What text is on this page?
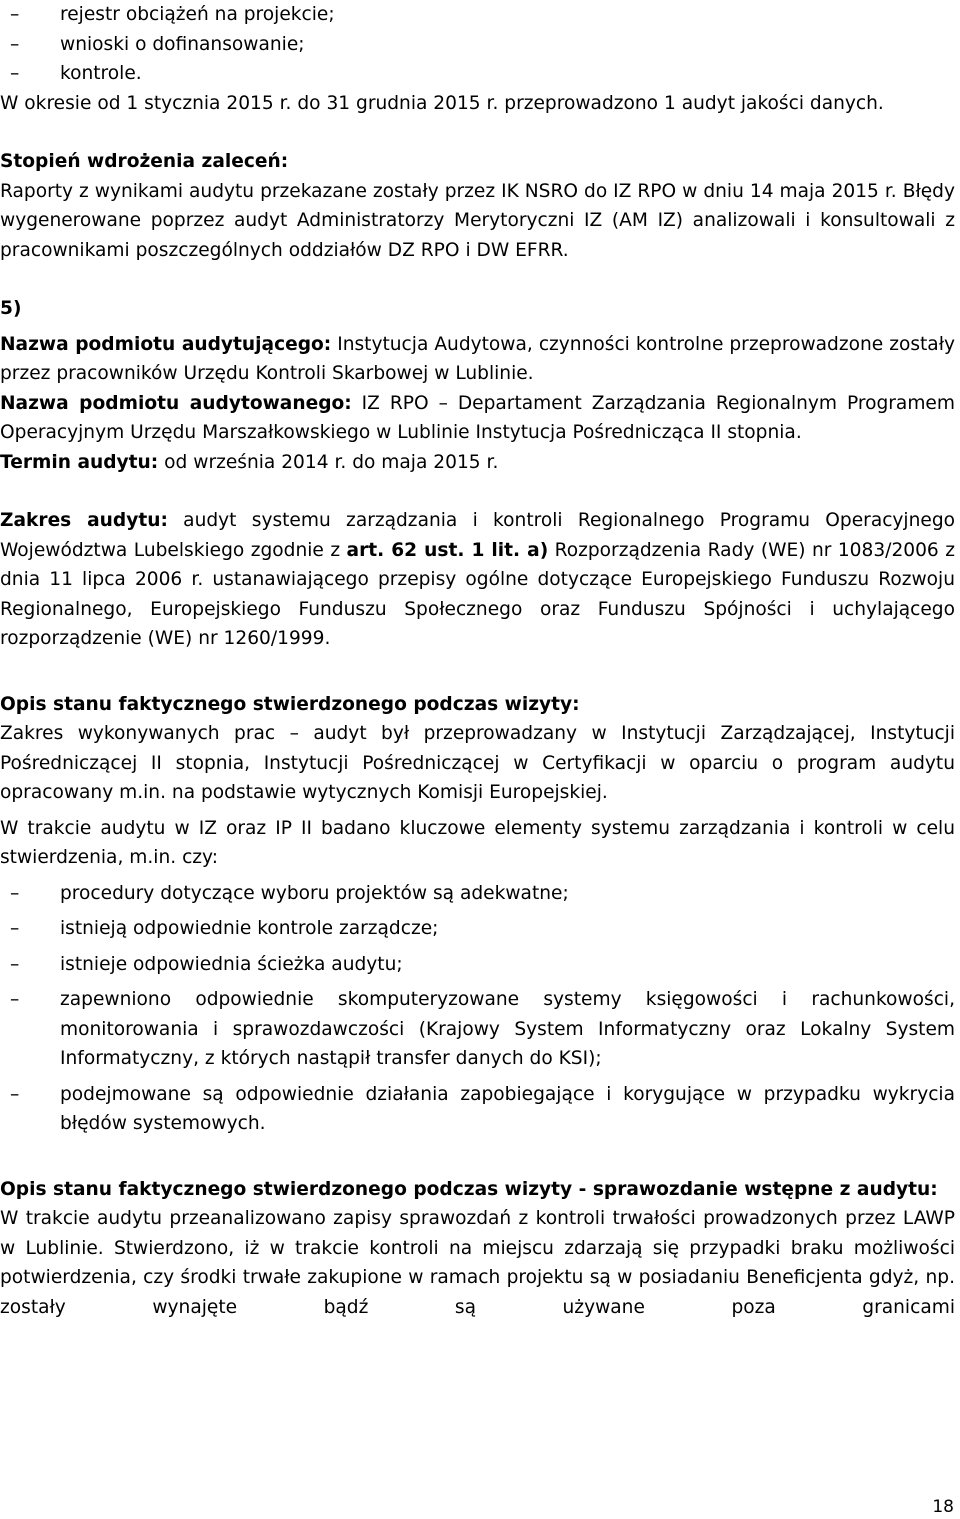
– rejestr obciążeń na projekcie;
– wnioski o dofinansowanie;
– kontrole.

W okresie od 1 stycznia 2015 r. do 31 grudnia 2015 r. przeprowadzono 1 audyt jakości danych.

Stopień wdrożenia zaleceń:

Raporty z wynikami audytu przekazane zostały przez IK NSRO do IZ RPO w dniu 14 maja 2015 r. Błędy wygenerowane poprzez audyt Administratorzy Merytoryczni IZ (AM IZ) analizowali i konsultowali z pracownikami poszczególnych oddziałów DZ RPO i DW EFRR.

5)

Nazwa podmiotu audytującego: Instytucja Audytowa, czynności kontrolne przeprowadzone zostały przez pracowników Urzędu Kontroli Skarbowej w Lublinie.

Nazwa podmiotu audytowanego: IZ RPO – Departament Zarządzania Regionalnym Programem Operacyjnym Urzędu Marszałkowskiego w Lublinie Instytucja Pośrednicząca II stopnia.

Termin audytu: od września 2014 r. do maja 2015 r.

Zakres audytu: audyt systemu zarządzania i kontroli Regionalnego Programu Operacyjnego Województwa Lubelskiego zgodnie z art. 62 ust. 1 lit. a) Rozporządzenia Rady (WE) nr 1083/2006 z dnia 11 lipca 2006 r. ustanawiającego przepisy ogólne dotyczące Europejskiego Funduszu Rozwoju Regionalnego, Europejskiego Funduszu Społecznego oraz Funduszu Spójności i uchylającego rozporządzenie (WE) nr 1260/1999.

Opis stanu faktycznego stwierdzonego podczas wizyty:

Zakres wykonywanych prac – audyt był przeprowadzany w Instytucji Zarządzającej, Instytucji Pośredniczącej II stopnia, Instytucji Pośredniczącej w Certyfikacji w oparciu o program audytu opracowany m.in. na podstawie wytycznych Komisji Europejskiej.

W trakcie audytu w IZ oraz IP II badano kluczowe elementy systemu zarządzania i kontroli w celu stwierdzenia, m.in. czy:

– procedury dotyczące wyboru projektów są adekwatne;
– istnieją odpowiednie kontrole zarządcze;
– istnieje odpowiednia ścieżka audytu;
– zapewniono odpowiednie skomputeryzowane systemy księgowości i rachunkowości, monitorowania i sprawozdawczości (Krajowy System Informatyczny oraz Lokalny System Informatyczny, z których nastąpił transfer danych do KSI);
– podejmowane są odpowiednie działania zapobiegające i korygujące w przypadku wykrycia błędów systemowych.

Opis stanu faktycznego stwierdzonego podczas wizyty - sprawozdanie wstępne z audytu:

W trakcie audytu przeanalizowano zapisy sprawozdań z kontroli trwałości prowadzonych przez LAWP w Lublinie. Stwierdzono, iż w trakcie kontroli na miejscu zdarzają się przypadki braku możliwości potwierdzenia, czy środki trwałe zakupione w ramach projektu są w posiadaniu Beneficjenta gdyż, np. zostały wynajęte bądź są używane poza granicami

18
